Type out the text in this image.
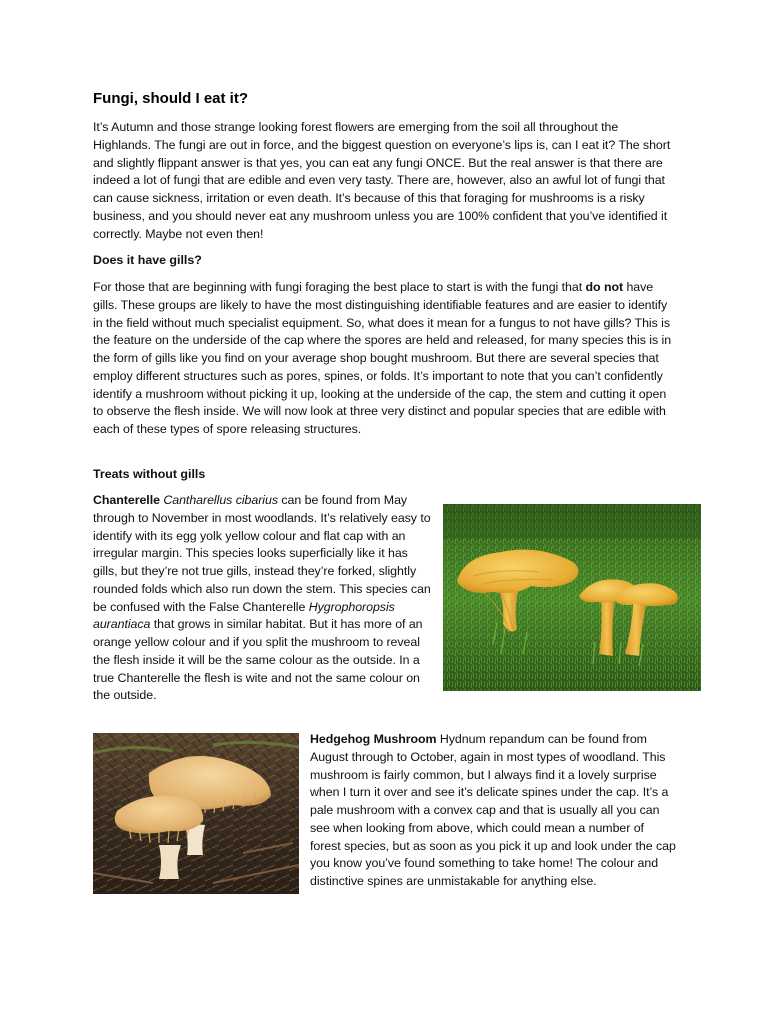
Fungi, should I eat it?

It’s Autumn and those strange looking forest flowers are emerging from the soil all throughout the Highlands. The fungi are out in force, and the biggest question on everyone’s lips is, can I eat it? The short and slightly flippant answer is that yes, you can eat any fungi ONCE. But the real answer is that there are indeed a lot of fungi that are edible and even very tasty. There are, however, also an awful lot of fungi that can cause sickness, irritation or even death. It’s because of this that foraging for mushrooms is a risky business, and you should never eat any mushroom unless you are 100% confident that you’ve identified it correctly. Maybe not even then!

Does it have gills?

For those that are beginning with fungi foraging the best place to start is with the fungi that do not have gills. These groups are likely to have the most distinguishing identifiable features and are easier to identify in the field without much specialist equipment. So, what does it mean for a fungus to not have gills? This is the feature on the underside of the cap where the spores are held and released, for many species this is in the form of gills like you find on your average shop bought mushroom. But there are several species that employ different structures such as pores, spines, or folds. It’s important to note that you can’t confidently identify a mushroom without picking it up, looking at the underside of the cap, the stem and cutting it open to observe the flesh inside. We will now look at three very distinct and popular species that are edible with each of these types of spore releasing structures.

Treats without gills

Chanterelle Cantharellus cibarius can be found from May through to November in most woodlands. It’s relatively easy to identify with its egg yolk yellow colour and flat cap with an irregular margin. This species looks superficially like it has gills, but they’re not true gills, instead they’re forked, slightly rounded folds which also run down the stem. This species can be confused with the False Chanterelle Hygrophoropsis aurantiaca that grows in similar habitat. But it has more of an orange yellow colour and if you split the mushroom to reveal the flesh inside it will be the same colour as the outside. In a true Chanterelle the flesh is wite and not the same colour on the outside.

Hedgehog Mushroom Hydnum repandum can be found from August through to October, again in most types of woodland. This mushroom is fairly common, but I always find it a lovely surprise when I turn it over and see it’s delicate spines under the cap. It’s a pale mushroom with a convex cap and that is usually all you can see when looking from above, which could mean a number of forest species, but as soon as you pick it up and look under the cap you know you’ve found something to take home! The colour and distinctive spines are unmistakable for anything else.
